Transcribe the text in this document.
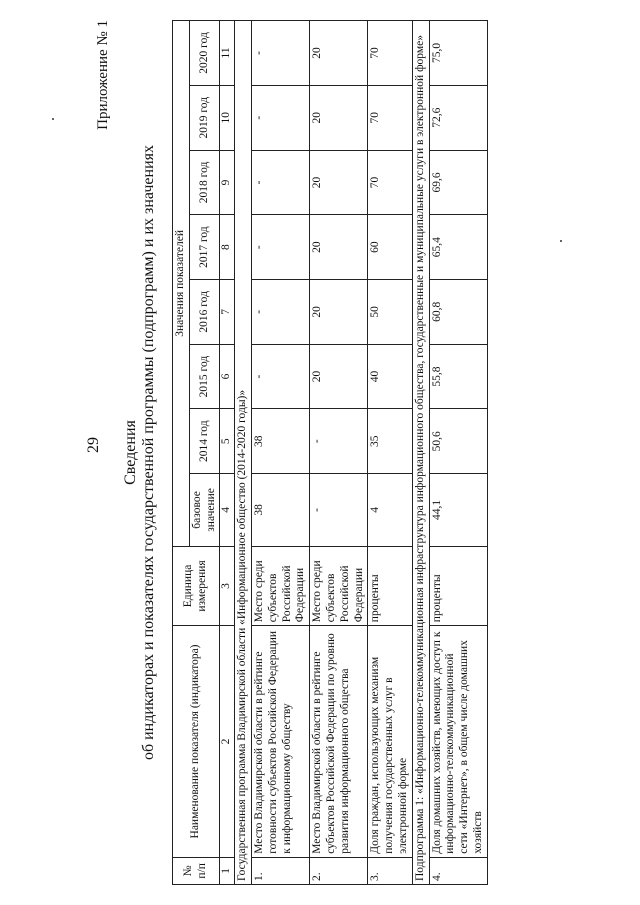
Приложение № 1
29 Сведения об индикаторах и показателях государственной программы (подпрограмм) и их значениях
№ п/п	Наименование показателя (индикатора)	Единица измерения	Значения показателей							
			базовое значение	2014 год	2015 год	2016 год	2017 год	2018 год	2019 год	2020 год
1	2	3	4	5	6	7	8	9	10	11
Государственная программа Владимирской области «Информационное общество (2014-2020 годы)»										
1.	Место Владимирской области в рейтинге готовности субъектов Российской Федерации к информационному обществу	Место среди субъектов Российской Федерации	38	38	-	-	-	-	-	-
2.	Место Владимирской области в рейтинге субъектов Российской Федерации по уровню развития информационного общества	Место среди субъектов Российской Федерации	-	-	20	20	20	20	20	20
3.	Доля граждан, использующих механизм получения государственных услуг в электронной форме	проценты	4	35	40	50	60	70	70	70
Подпрограмма 1: «Информационно-телекоммуникационная инфраструктура информационного общества, государственные и муниципальные услуги в электронной форме»										
4.	Доля домашних хозяйств, имеющих доступ к информационно-телекоммуникационной сети «Интернет», в общем числе домашних хозяйств	проценты	44,1	50,6	55,8	60,8	65,4	69,6	72,6	75,0
